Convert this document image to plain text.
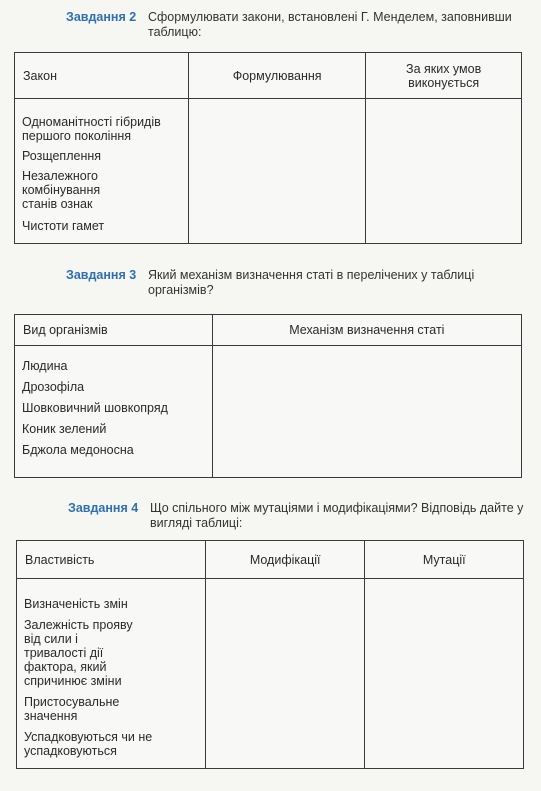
Завдання 2 Сформулювати закони, встановлені Г. Менделем, заповнивши таблицю:
Закон	Формулювання	За яких умов виконується

Одноманітності гібридів першого покоління
Розщеплення
Незалежного комбінування станів ознак
Чистоти гамет		

Завдання 3 Який механізм визначення статі в перелічених у таблиці організмів?
Вид організмів	Механізм визначення статі

Людина
Дрозофіла
Шовковичний шовкопряд
Коник зелений
Бджола медоносна	

Завдання 4 Що спільного між мутаціями і модифікаціями? Відповідь дайте у вигляді таблиці:
Властивість	Модифікації	Мутації

Визначеність змін
Залежність прояву від сили і тривалості дії фактора, який спричинює зміни
Пристосувальне значення
Успадковуються чи не успадковуються		
